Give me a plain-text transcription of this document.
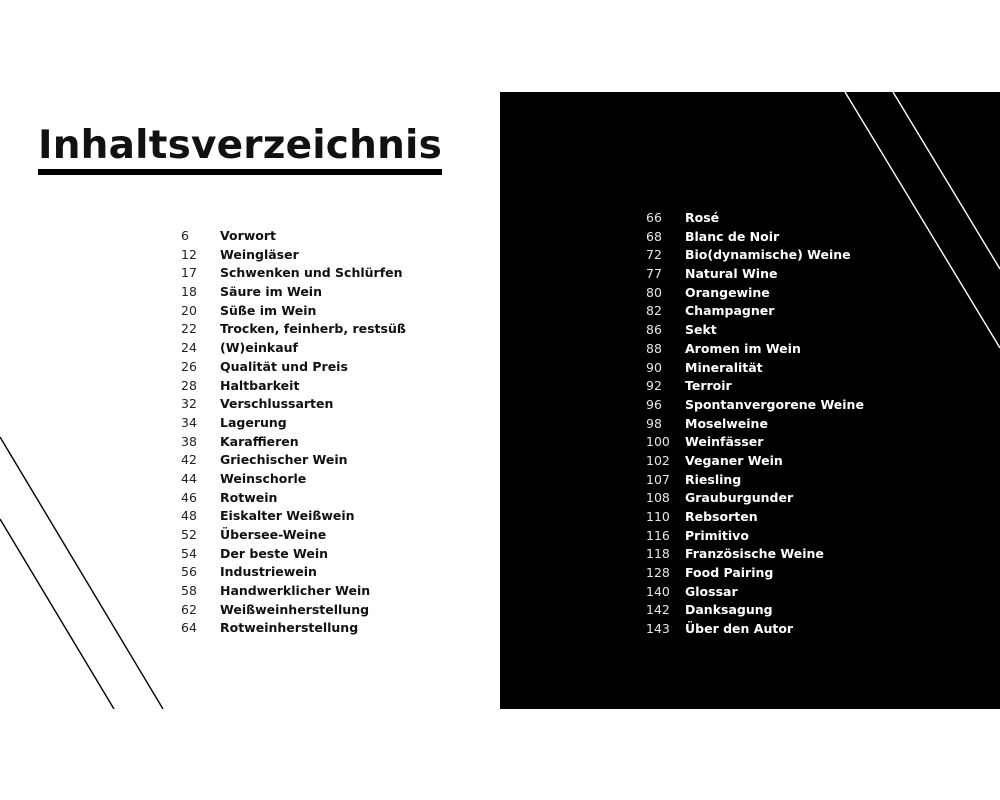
Inhaltsverzeichnis
6	Vorwort
12	Weingläser
17	Schwenken und Schlürfen
18	Säure im Wein
20	Süße im Wein
22	Trocken, feinherb, restsüß
24	(W)einkauf
26	Qualität und Preis
28	Haltbarkeit
32	Verschlussarten
34	Lagerung
38	Karaffieren
42	Griechischer Wein
44	Weinschorle
46	Rotwein
48	Eiskalter Weißwein
52	Übersee-Weine
54	Der beste Wein
56	Industriewein
58	Handwerklicher Wein
62	Weißweinherstellung
64	Rotweinherstellung
66	Rosé
68	Blanc de Noir
72	Bio(dynamische) Weine
77	Natural Wine
80	Orangewine
82	Champagner
86	Sekt
88	Aromen im Wein
90	Mineralität
92	Terroir
96	Spontanvergorene Weine
98	Moselweine
100	Weinfässer
102	Veganer Wein
107	Riesling
108	Grauburgunder
110	Rebsorten
116	Primitivo
118	Französische Weine
128	Food Pairing
140	Glossar
142	Danksagung
143	Über den Autor
